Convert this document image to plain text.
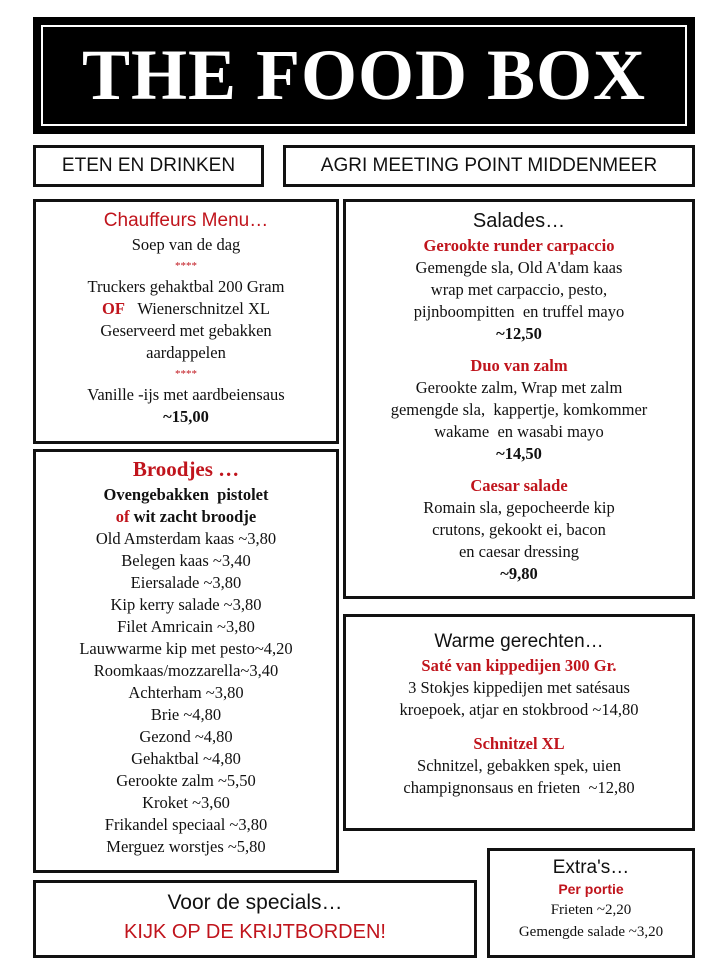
THE FOOD BOX
ETEN EN DRINKEN	AGRI MEETING POINT MIDDENMEER
Chauffeurs Menu…
Soep van de dag
****
Truckers gehaktbal 200 Gram
OF Wienerschnitzel XL
Geserveerd met gebakken
aardappelen
****
Vanille -ijs met aardbeiensaus
~15,00
Broodjes …
Ovengebakken  pistolet
of wit zacht broodje
Old Amsterdam kaas ~3,80
Belegen kaas ~3,40
Eiersalade ~3,80
Kip kerry salade ~3,80
Filet Amricain ~3,80
Lauwwarme kip met pesto~4,20
Roomkaas/mozzarella~3,40
Achterham ~3,80
Brie ~4,80
Gezond ~4,80
Gehaktbal ~4,80
Gerookte zalm ~5,50
Kroket ~3,60
Frikandel speciaal ~3,80
Merguez worstjes ~5,80
Salades…
Gerookte runder carpaccio
Gemengde sla, Old A'dam kaas
wrap met carpaccio, pesto,
pijnboompitten  en truffel mayo
~12,50
Duo van zalm
Gerookte zalm, Wrap met zalm
gemengde sla,  kappertje, komkommer
wakame  en wasabi mayo
~14,50
Caesar salade
Romain sla, gepocheerde kip
crutons, gekookt ei, bacon
en caesar dressing
~9,80
Warme gerechten…
Saté van kippedijen 300 Gr.
3 Stokjes kippedijen met satésaus
kroepoek, atjar en stokbrood ~14,80
Schnitzel XL
Schnitzel, gebakken spek, uien
champignonsaus en frieten  ~12,80
Voor de specials…
KIJK OP DE KRIJTBORDEN!
Extra's…
Per portie
Frieten ~2,20
Gemengde salade ~3,20
